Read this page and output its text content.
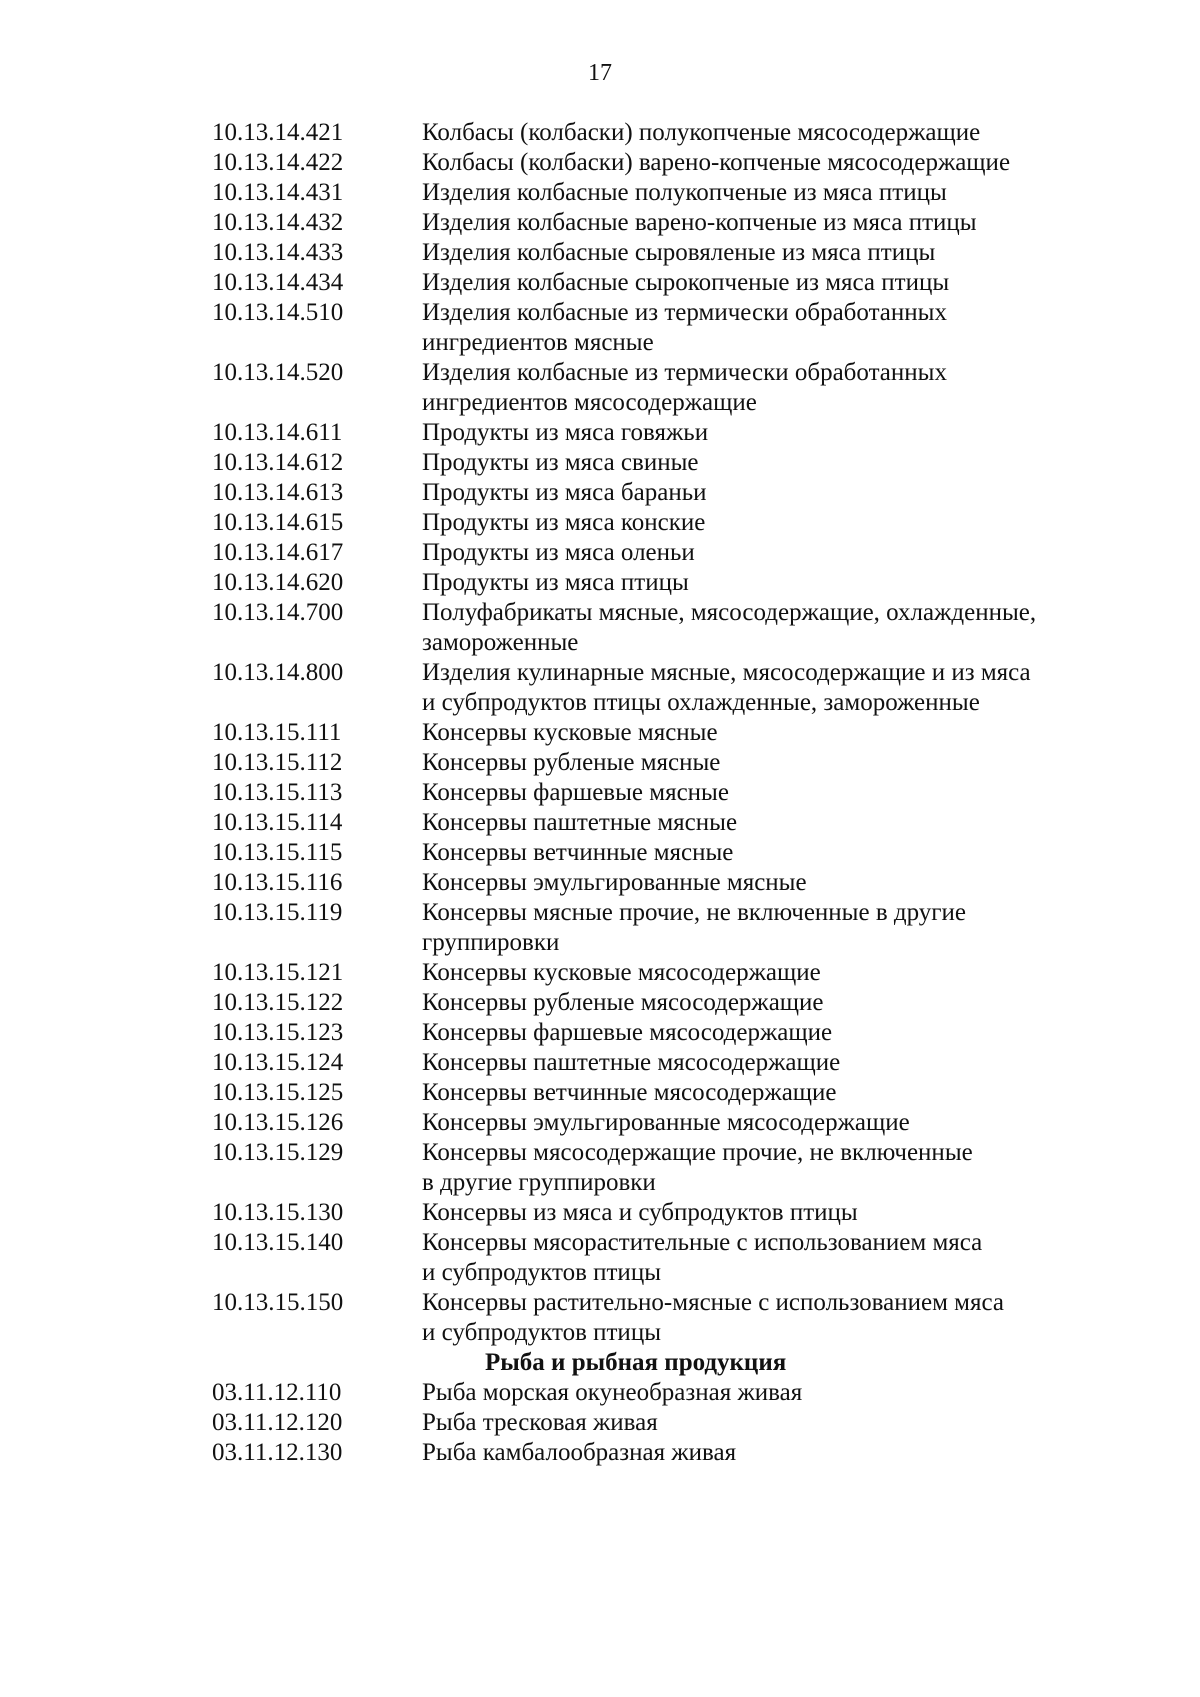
17
10.13.14.421	Колбасы (колбаски) полукопченые мясосодержащие
10.13.14.422	Колбасы (колбаски) варено-копченые мясосодержащие
10.13.14.431	Изделия колбасные полукопченые из мяса птицы
10.13.14.432	Изделия колбасные варено-копченые из мяса птицы
10.13.14.433	Изделия колбасные сыровяленые из мяса птицы
10.13.14.434	Изделия колбасные сырокопченые из мяса птицы
10.13.14.510	Изделия колбасные из термически обработанных
ингредиентов мясные
10.13.14.520	Изделия колбасные из термически обработанных
ингредиентов мясосодержащие
10.13.14.611	Продукты из мяса говяжьи
10.13.14.612	Продукты из мяса свиные
10.13.14.613	Продукты из мяса бараньи
10.13.14.615	Продукты из мяса конские
10.13.14.617	Продукты из мяса оленьи
10.13.14.620	Продукты из мяса птицы
10.13.14.700	Полуфабрикаты мясные, мясосодержащие, охлажденные,
замороженные
10.13.14.800	Изделия кулинарные мясные, мясосодержащие и из мяса
и субпродуктов птицы охлажденные, замороженные
10.13.15.111	Консервы кусковые мясные
10.13.15.112	Консервы рубленые мясные
10.13.15.113	Консервы фаршевые мясные
10.13.15.114	Консервы паштетные мясные
10.13.15.115	Консервы ветчинные мясные
10.13.15.116	Консервы эмульгированные мясные
10.13.15.119	Консервы мясные прочие, не включенные в другие
группировки
10.13.15.121	Консервы кусковые мясосодержащие
10.13.15.122	Консервы рубленые мясосодержащие
10.13.15.123	Консервы фаршевые мясосодержащие
10.13.15.124	Консервы паштетные мясосодержащие
10.13.15.125	Консервы ветчинные мясосодержащие
10.13.15.126	Консервы эмульгированные мясосодержащие
10.13.15.129	Консервы мясосодержащие прочие, не включенные
в другие группировки
10.13.15.130	Консервы из мяса и субпродуктов птицы
10.13.15.140	Консервы мясорастительные с использованием мяса
и субпродуктов птицы
10.13.15.150	Консервы растительно-мясные с использованием мяса
и субпродуктов птицы
Рыба и рыбная продукция
03.11.12.110	Рыба морская окунеобразная живая
03.11.12.120	Рыба тресковая живая
03.11.12.130	Рыба камбалообразная живая
